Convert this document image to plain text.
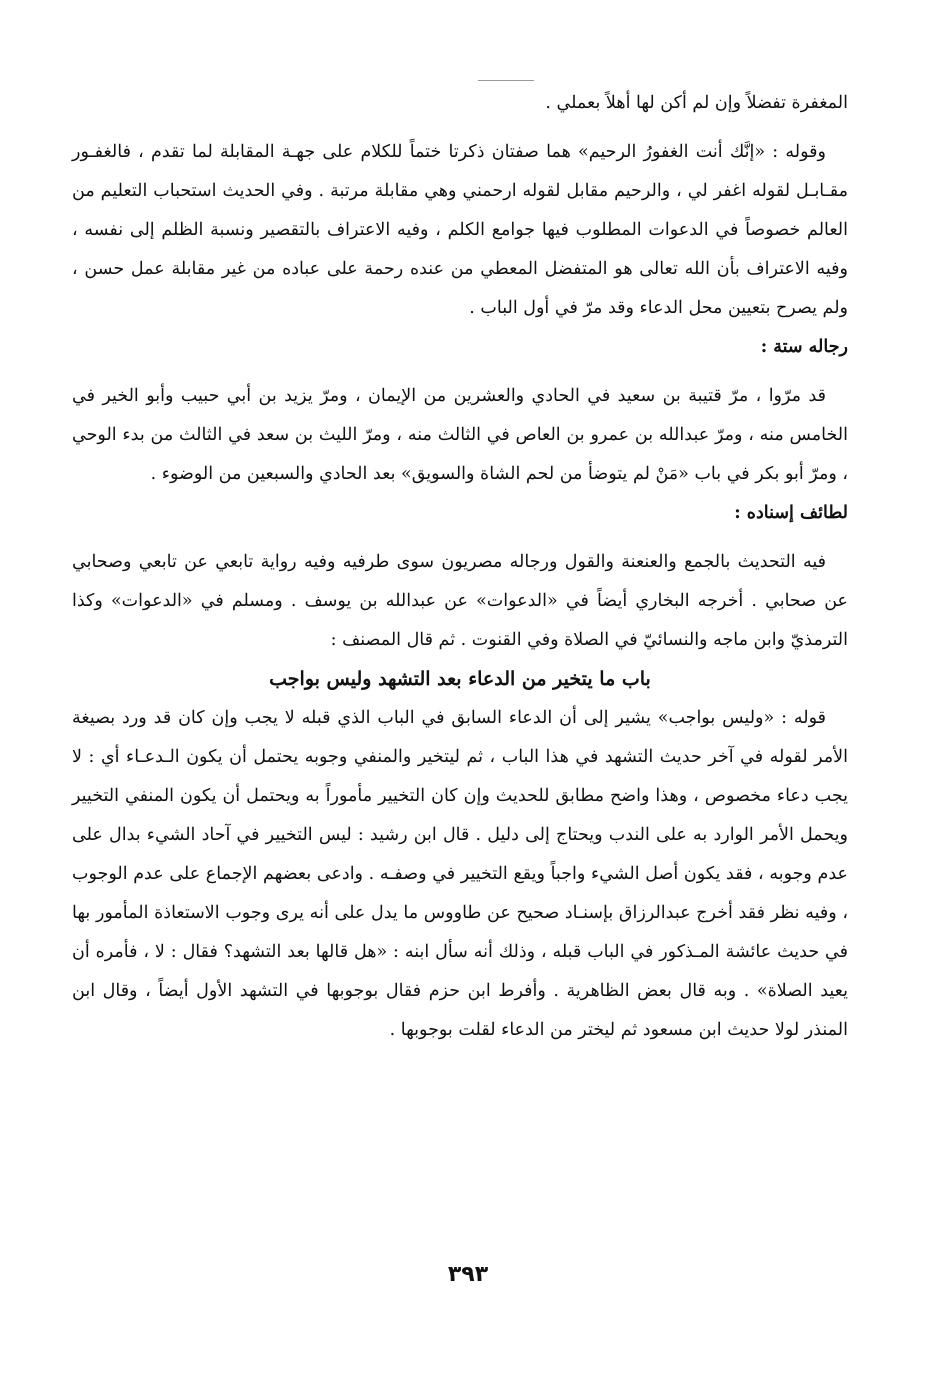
المغفرة تفضلاً وإن لم أكن لها أهلاً بعملي .

وقوله : «إنَّك أنت الغفورُ الرحيم» هما صفتان ذكرتا ختماً للكلام على جهـة المقابلة لما تقدم ، فالغفـور مقـابـل لقوله اغفر لي ، والرحيم مقابل لقوله ارحمني وهي مقابلة مرتبة . وفي الحديث استحباب التعليم من العالم خصوصاً في الدعوات المطلوب فيها جوامع الكلم ، وفيه الاعتراف بالتقصير ونسبة الظلم إلى نفسه ، وفيه الاعتراف بأن الله تعالى هو المتفضل المعطي من عنده رحمة على عباده من غير مقابلة عمل حسن ، ولم يصرح بتعيين محل الدعاء وقد مرّ في أول الباب .

رجاله ستة :

قد مرّوا ، مرّ قتيبة بن سعيد في الحادي والعشرين من الإيمان ، ومرّ يزيد بن أبي حبيب وأبو الخير في الخامس منه ، ومرّ عبدالله بن عمرو بن العاص في الثالث منه ، ومرّ الليث بن سعد في الثالث من بدء الوحي ، ومرّ أبو بكر في باب «مَنْ لم يتوضأ من لحم الشاة والسويق» بعد الحادي والسبعين من الوضوء .

لطائف إسناده :

فيه التحديث بالجمع والعنعنة والقول ورجاله مصريون سوى طرفيه وفيه رواية تابعي عن تابعي وصحابي عن صحابي . أخرجه البخاري أيضاً في «الدعوات» عن عبدالله بن يوسف . ومسلم في «الدعوات» وكذا الترمذيّ وابن ماجه والنسائيّ في الصلاة وفي القنوت . ثم قال المصنف :

باب ما يتخير من الدعاء بعد التشهد وليس بواجب

قوله : «وليس بواجب» يشير إلى أن الدعاء السابق في الباب الذي قبله لا يجب وإن كان قد ورد بصيغة الأمر لقوله في آخر حديث التشهد في هذا الباب ، ثم ليتخير والمنفي وجوبه يحتمل أن يكون الـدعـاء أي : لا يجب دعاء مخصوص ، وهذا واضح مطابق للحديث وإن كان التخيير مأموراً به ويحتمل أن يكون المنفي التخيير ويحمل الأمر الوارد به على الندب ويحتاج إلى دليل . قال ابن رشيد : ليس التخيير في آحاد الشيء بدال على عدم وجوبه ، فقد يكون أصل الشيء واجباً ويقع التخيير في وصفـه . وادعى بعضهم الإجماع على عدم الوجوب ، وفيه نظر فقد أخرج عبدالرزاق بإسنـاد صحيح عن طاووس ما يدل على أنه يرى وجوب الاستعاذة المأمور بها في حديث عائشة المـذكور في الباب قبله ، وذلك أنه سأل ابنه : «هل قالها بعد التشهد؟ فقال : لا ، فأمره أن يعيد الصلاة» . وبه قال بعض الظاهرية . وأفرط ابن حزم فقال بوجوبها في التشهد الأول أيضاً ، وقال ابن المنذر لولا حديث ابن مسعود ثم ليختر من الدعاء لقلت بوجوبها .

٣٩٣
